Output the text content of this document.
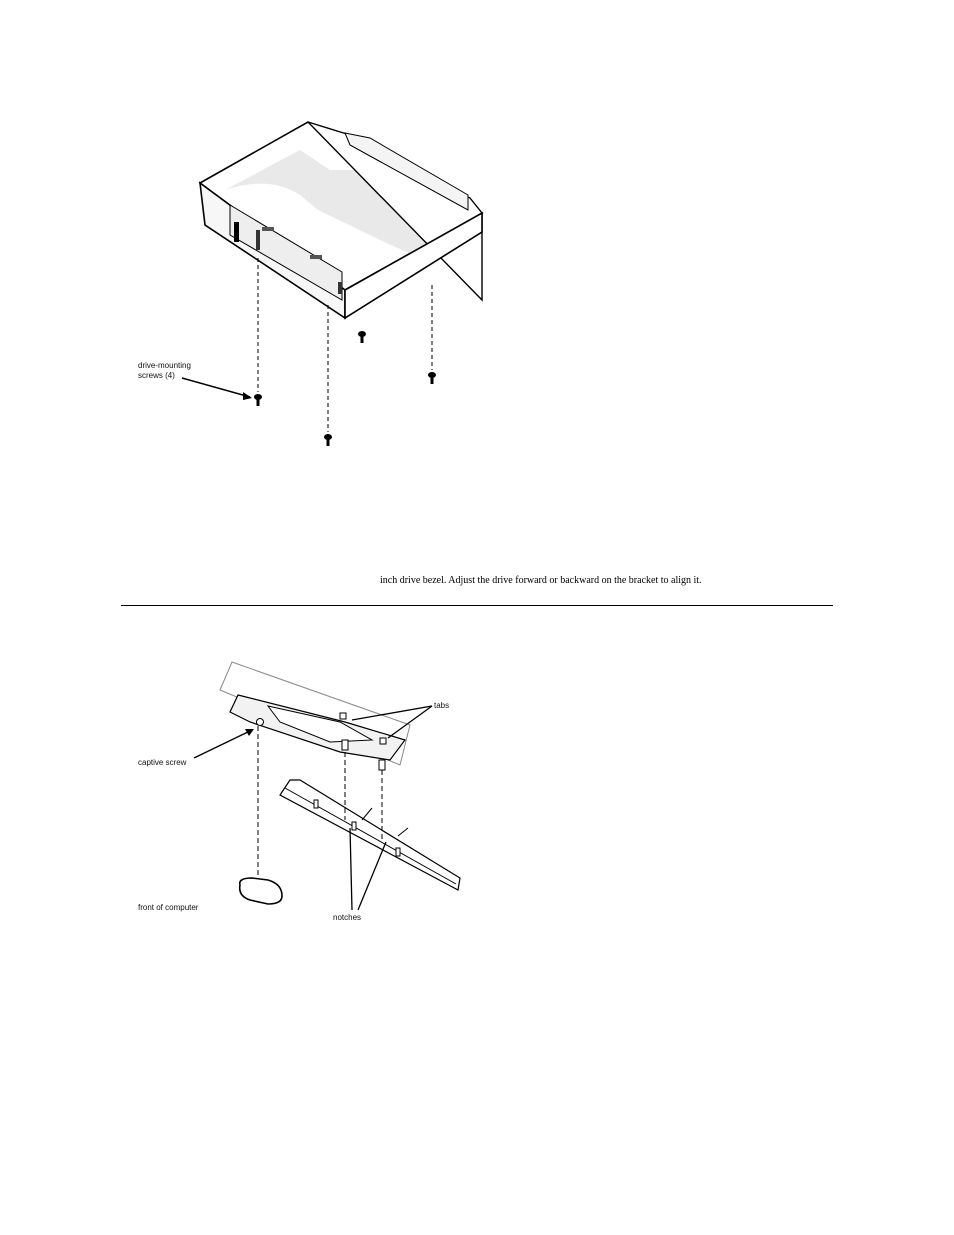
drive-mounting
screws (4)
inch drive bezel. Adjust the drive forward or backward on the bracket to align it.
tabs
captive screw
front of computer
notches
